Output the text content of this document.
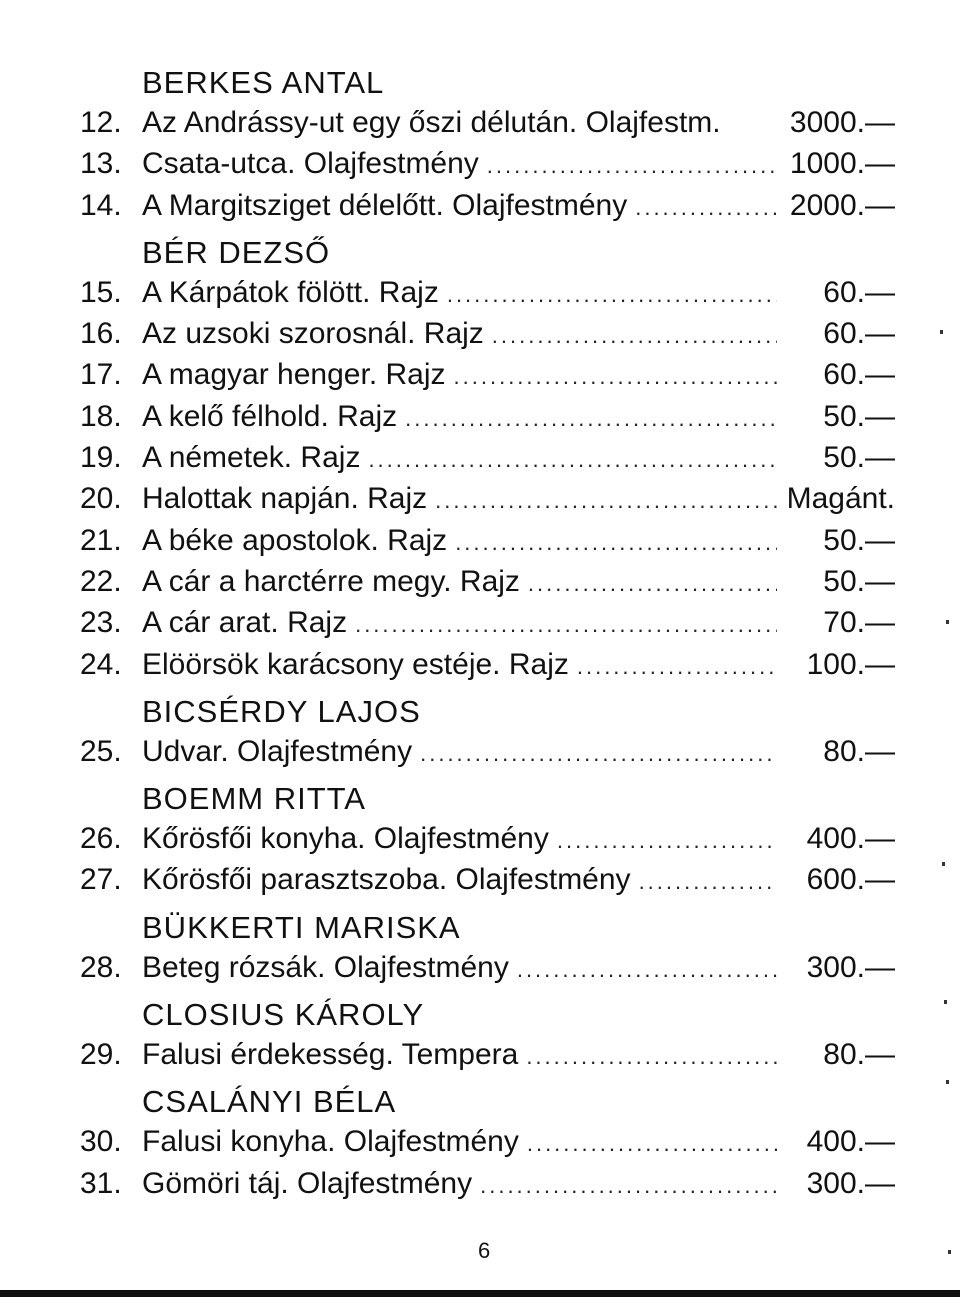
BERKES ANTAL
12. Az Andrássy-ut egy őszi délután. Olajfestm. 3000.—
13. Csata-utca. Olajfestmény .....	1000.—
14. A Margitsziget délelőtt. Olajfestmény .....	2000.—
BÉR DEZSŐ
15. A Kárpátok fölött. Rajz .....	60.—
16. Az uzsoki szorosnál. Rajz .....	60.—
17. A magyar henger. Rajz .....	60.—
18. A kelő félhold. Rajz .....	50.—
19. A németek. Rajz .....	50.—
20. Halottak napján. Rajz .....	Magánt.
21. A béke apostolok. Rajz .....	50.—
22. A cár a harctérre megy. Rajz .....	50.—
23. A cár arat. Rajz .....	70.—
24. Elöörsök karácsony estéje. Rajz .....	100.—
BICSÉRDY LAJOS
25. Udvar. Olajfestmény .....	80.—
BOEMM RITTA
26. Kőrösfői konyha. Olajfestmény .....	400.—
27. Kőrösfői parasztszoba. Olajfestmény .....	600.—
BÜKKERTI MARISKA
28. Beteg rózsák. Olajfestmény .....	300.—
CLOSIUS KÁROLY
29. Falusi érdekesség. Tempera .....	80.—
CSALÁNYI BÉLA
30. Falusi konyha. Olajfestmény .....	400.—
31. Gömöri táj. Olajfestmény .....	300.—
6
